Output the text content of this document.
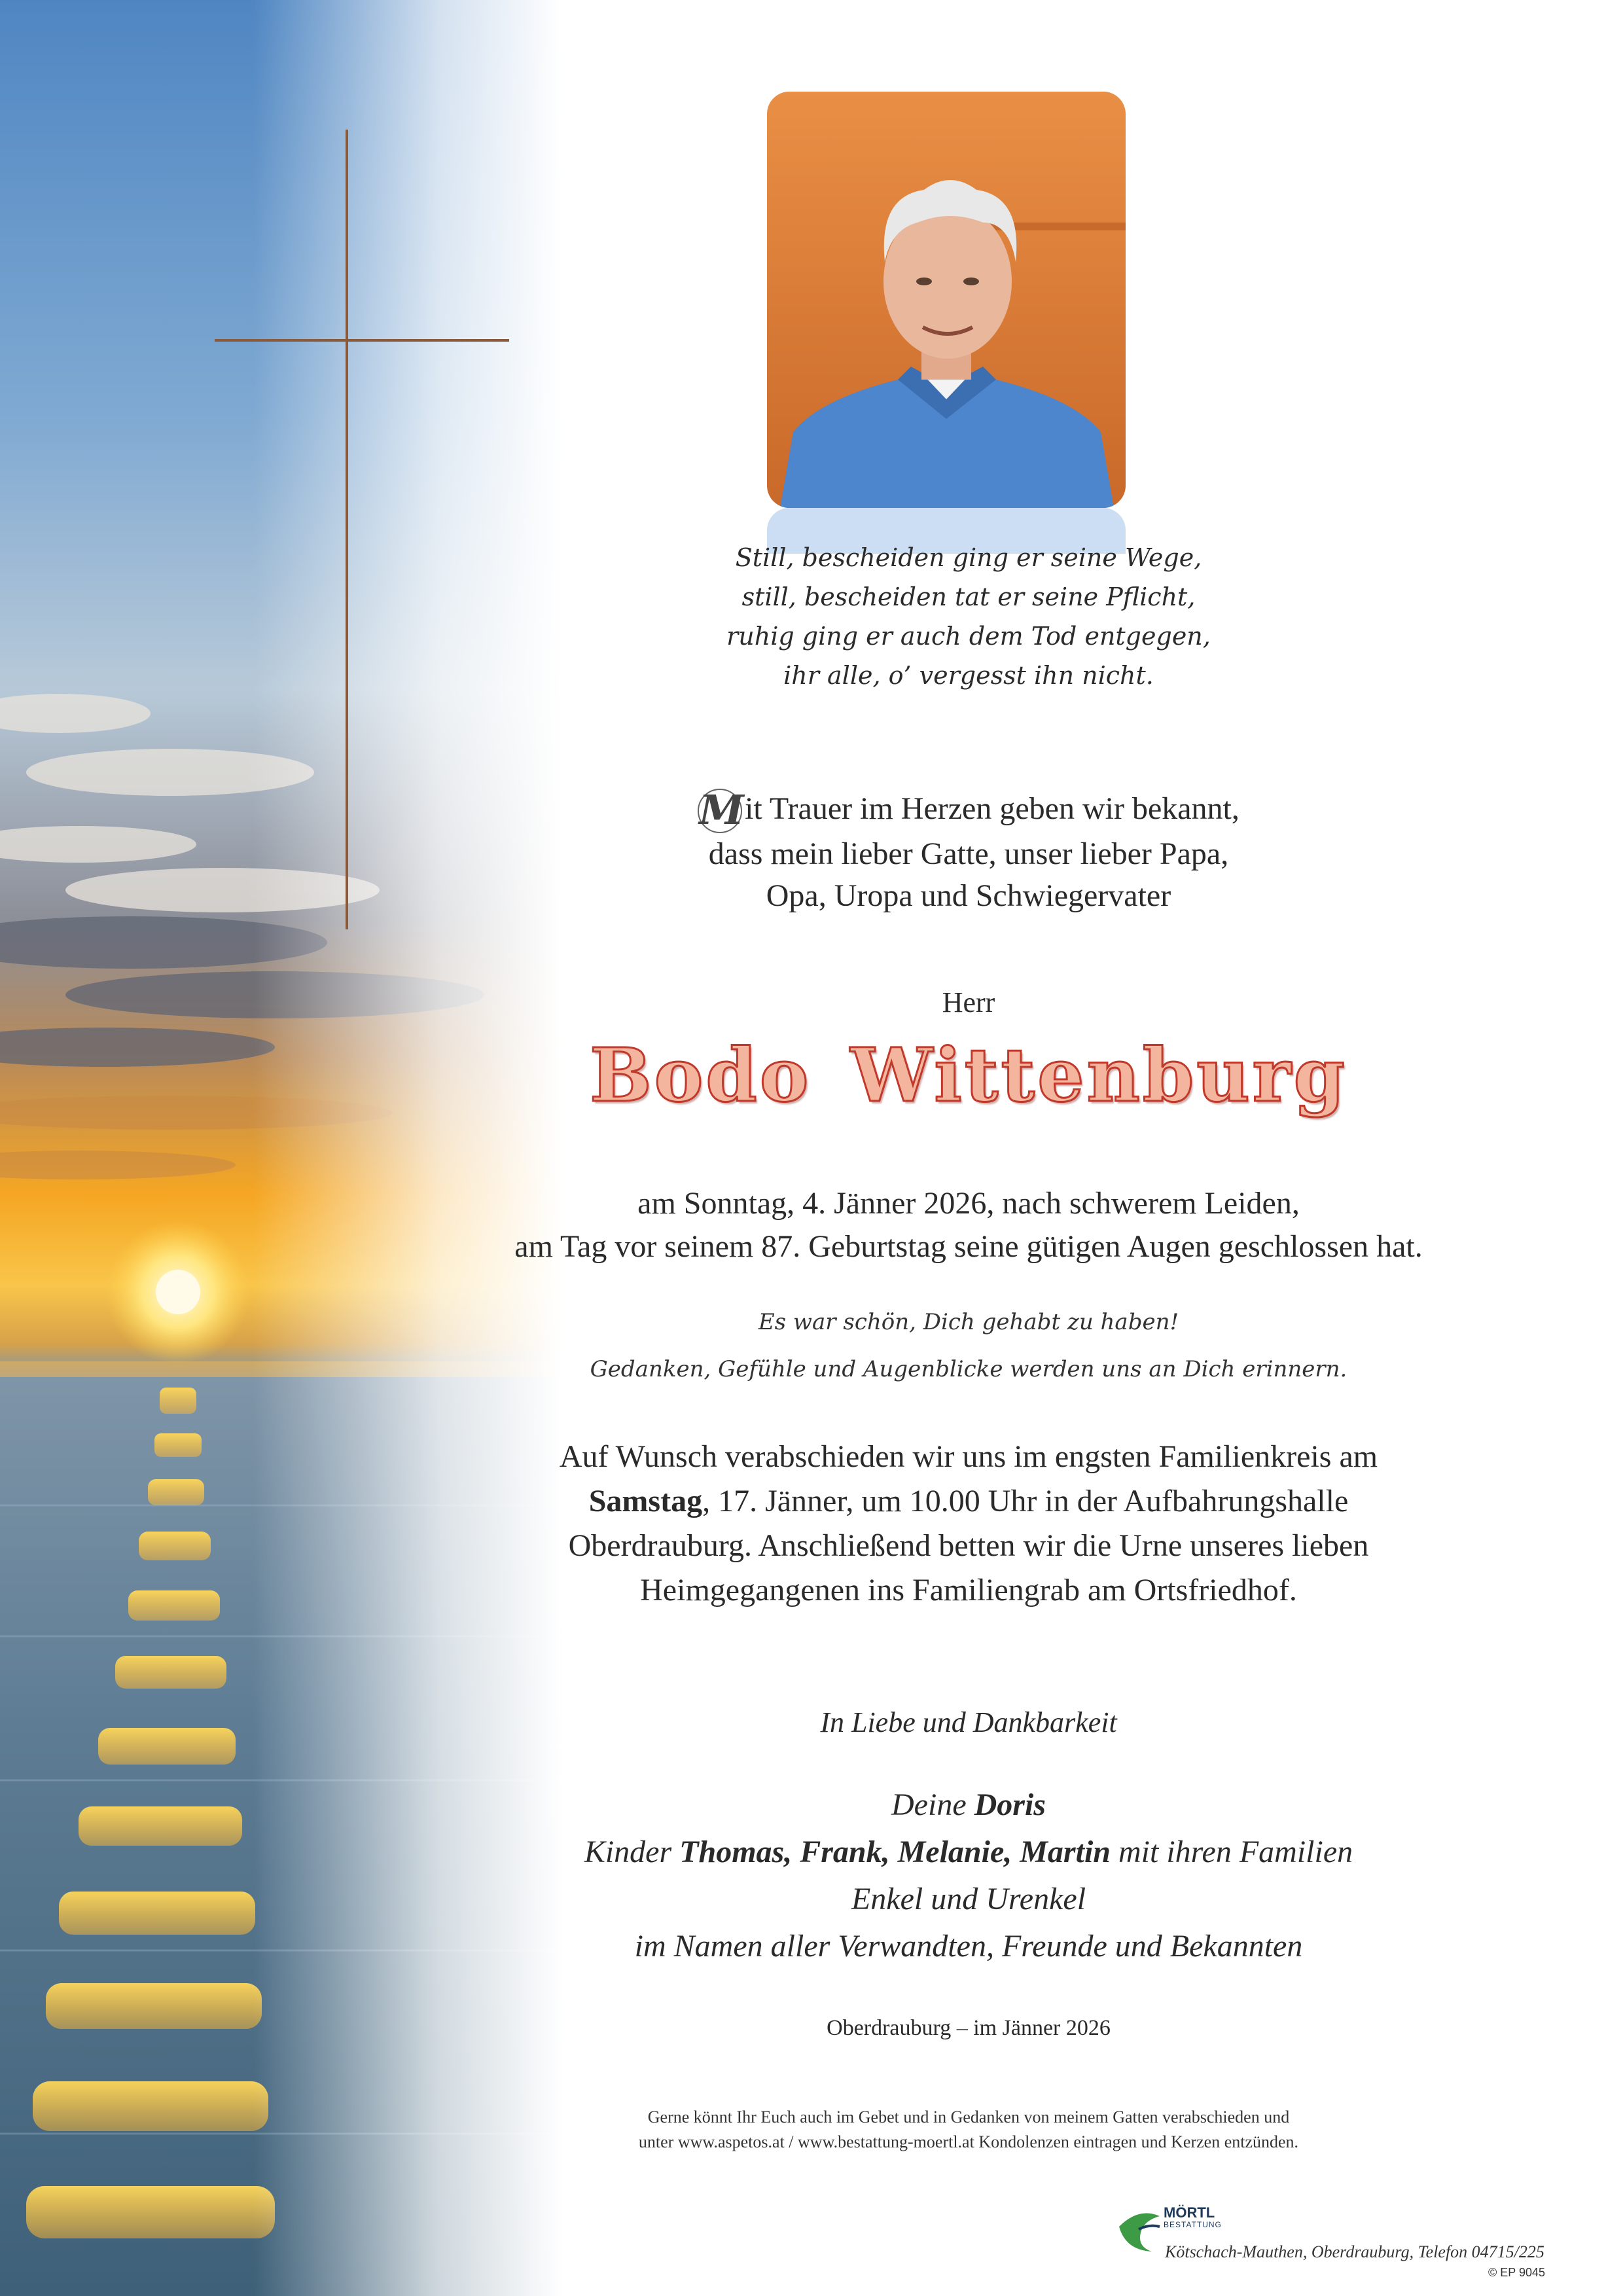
Still, bescheiden ging er seine Wege,
still, bescheiden tat er seine Pflicht,
ruhig ging er auch dem Tod entgegen,
ihr alle, o’ vergesst ihn nicht.
Mit Trauer im Herzen geben wir bekannt,
dass mein lieber Gatte, unser lieber Papa,
Opa, Uropa und Schwiegervater
Herr
Bodo Wittenburg
am Sonntag, 4. Jänner 2026, nach schwerem Leiden,
am Tag vor seinem 87. Geburtstag seine gütigen Augen geschlossen hat.
Es war schön, Dich gehabt zu haben!
Gedanken, Gefühle und Augenblicke werden uns an Dich erinnern.
Auf Wunsch verabschieden wir uns im engsten Familienkreis am
Samstag, 17. Jänner, um 10.00 Uhr in der Aufbahrungshalle
Oberdrauburg. Anschließend betten wir die Urne unseres lieben
Heimgegangenen ins Familiengrab am Ortsfriedhof.
In Liebe und Dankbarkeit
Deine Doris
Kinder Thomas, Frank, Melanie, Martin mit ihren Familien
Enkel und Urenkel
im Namen aller Verwandten, Freunde und Bekannten
Oberdrauburg – im Jänner 2026
Gerne könnt Ihr Euch auch im Gebet und in Gedanken von meinem Gatten verabschieden und
unter www.aspetos.at / www.bestattung-moertl.at Kondolenzen eintragen und Kerzen entzünden.
MÖRTL
BESTATTUNG
Kötschach-Mauthen, Oberdrauburg, Telefon 04715/225
© EP 9045
